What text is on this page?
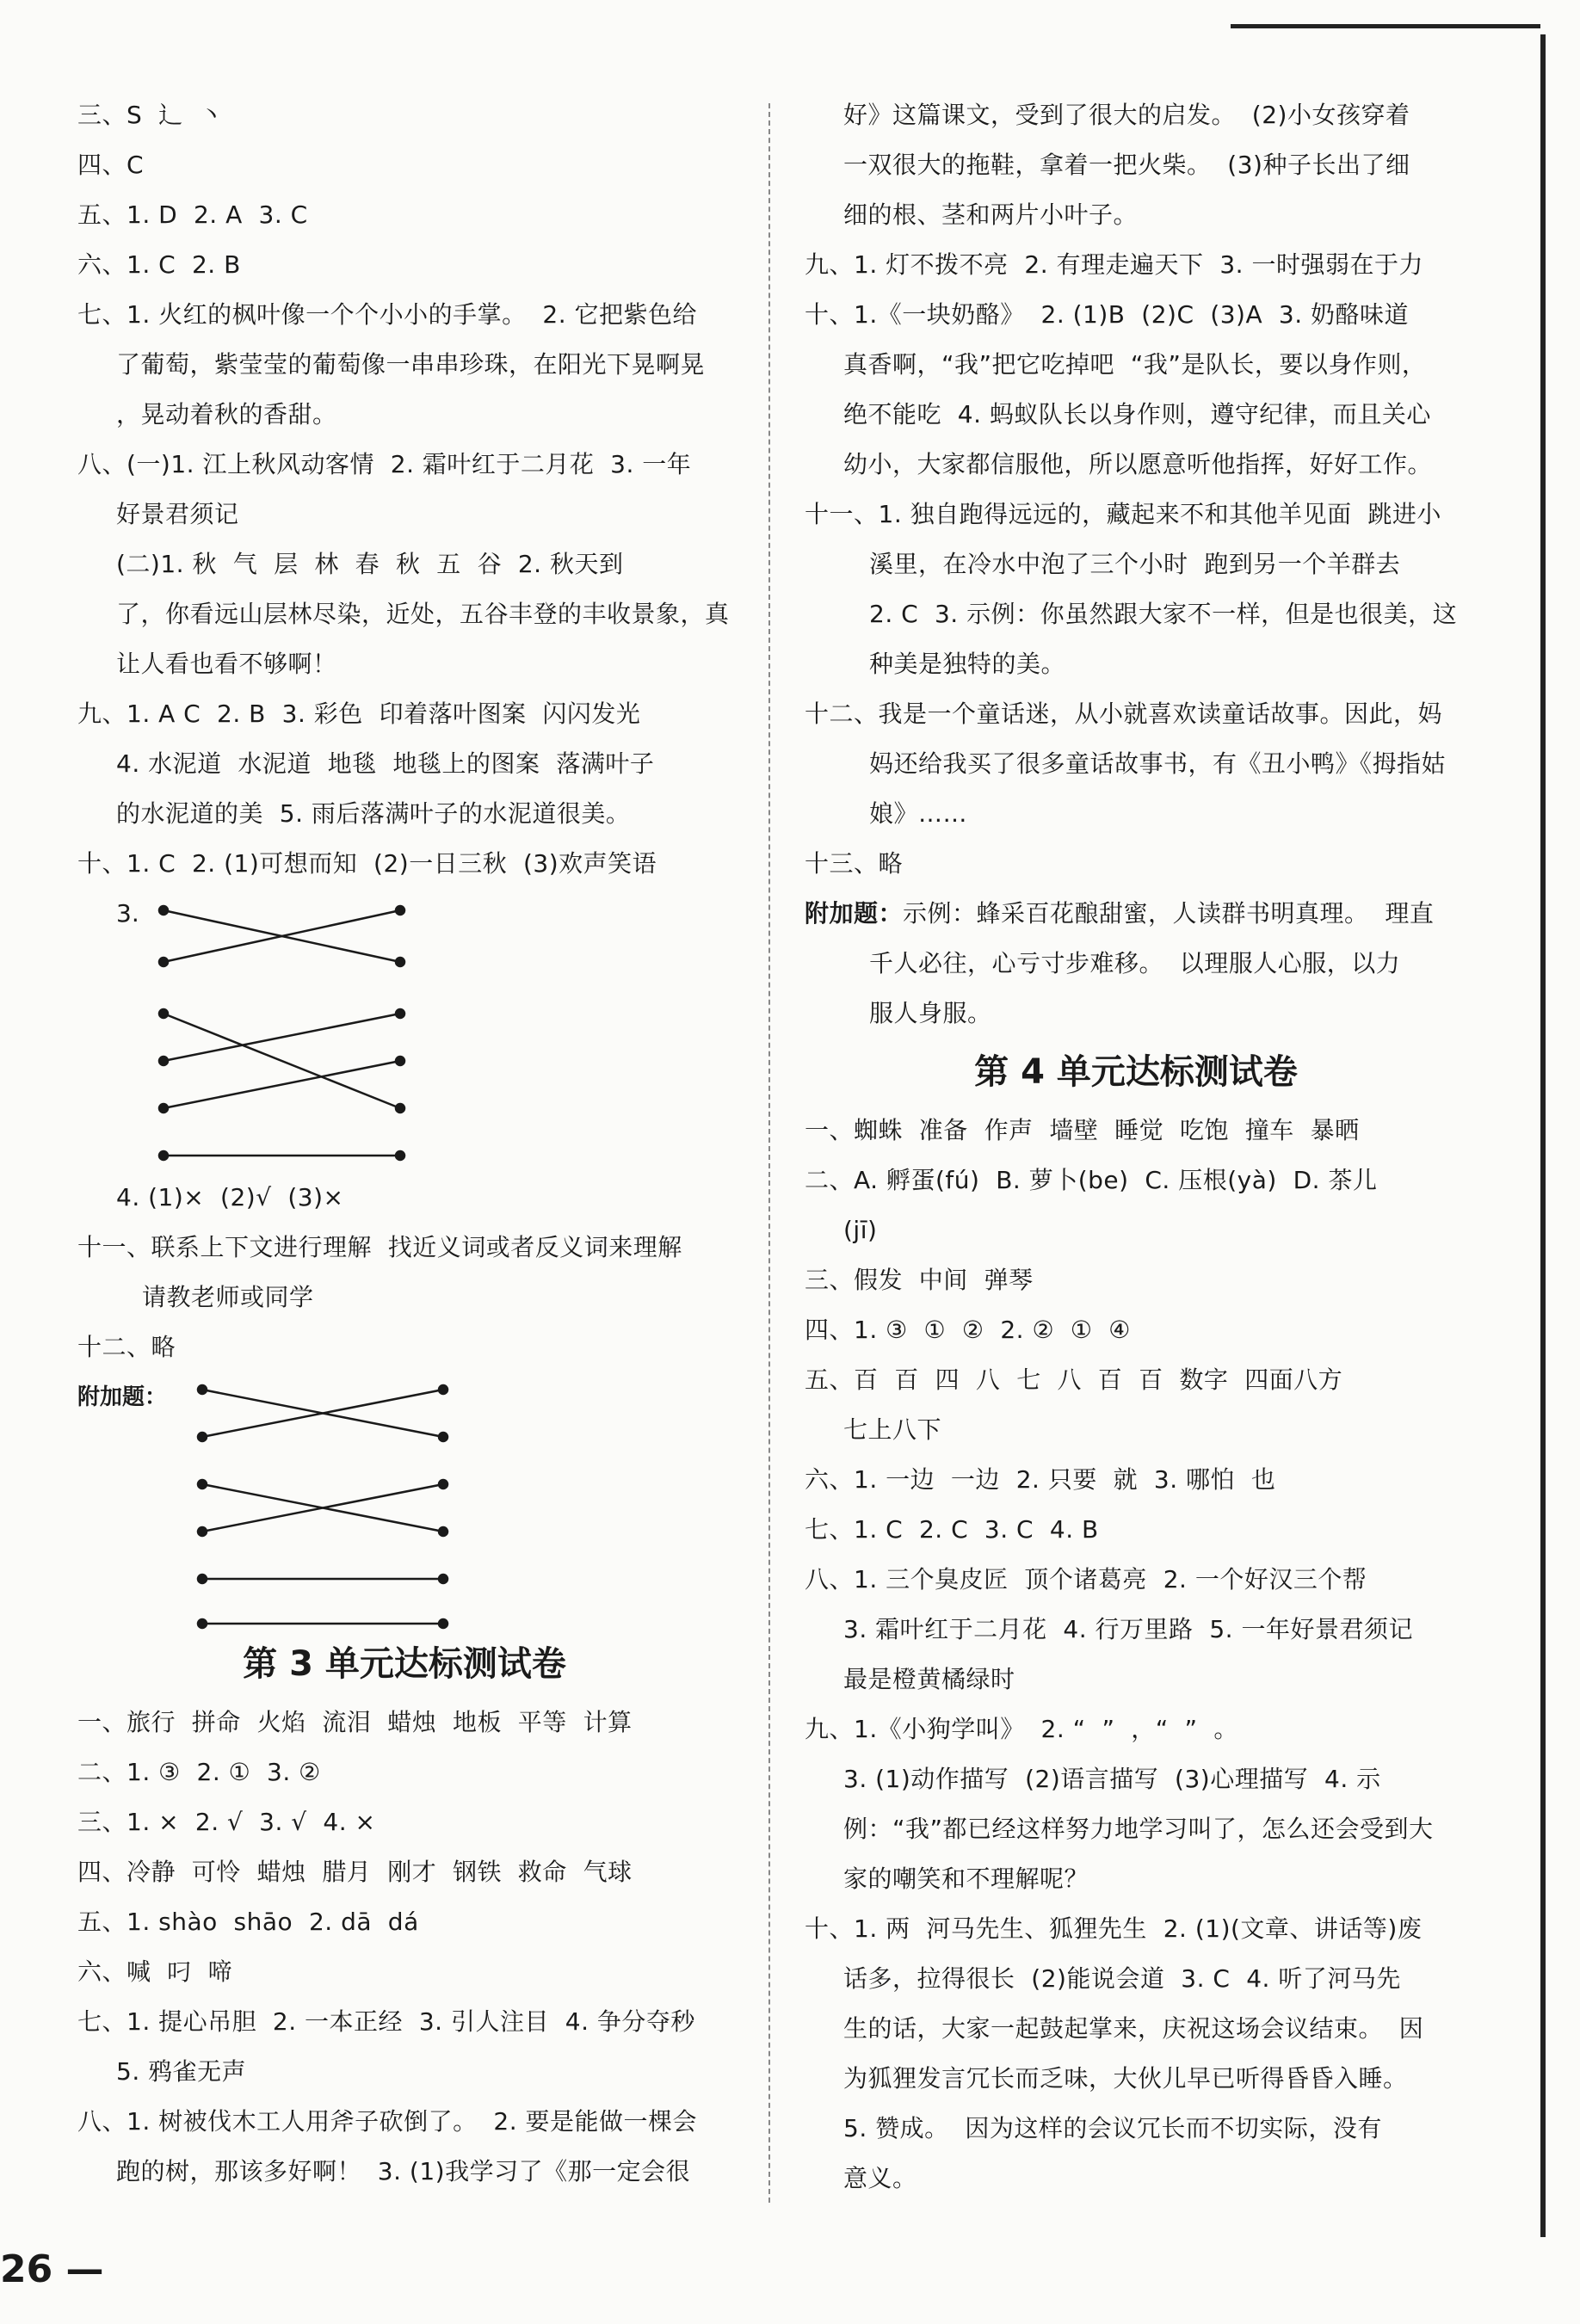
三、S  辶  丶
四、C
五、1. D  2. A  3. C
六、1. C  2. B
七、1. 火红的枫叶像一个个小小的手掌。  2. 它把紫色给
了葡萄，紫莹莹的葡萄像一串串珍珠，在阳光下晃啊晃
，晃动着秋的香甜。
八、(一)1. 江上秋风动客情  2. 霜叶红于二月花  3. 一年
好景君须记
(二)1. 秋  气  层  林  春  秋  五  谷  2. 秋天到
了，你看远山层林尽染，近处，五谷丰登的丰收景象，真
让人看也看不够啊！
九、1. A C  2. B  3. 彩色  印着落叶图案  闪闪发光
4. 水泥道  水泥道  地毯  地毯上的图案  落满叶子
的水泥道的美  5. 雨后落满叶子的水泥道很美。
十、1. C  2. (1)可想而知  (2)一日三秋  (3)欢声笑语
3.
4. (1)×  (2)√  (3)×
十一、联系上下文进行理解  找近义词或者反义词来理解
请教老师或同学
十二、略
附加题：
第 3 单元达标测试卷
一、旅行  拼命  火焰  流泪  蜡烛  地板  平等  计算
二、1. ③  2. ①  3. ②
三、1. ×  2. √  3. √  4. ×
四、冷静  可怜  蜡烛  腊月  刚才  钢铁  救命  气球
五、1. shào  shāo  2. dā  dá
六、喊  叼  啼
七、1. 提心吊胆  2. 一本正经  3. 引人注目  4. 争分夺秒
5. 鸦雀无声
八、1. 树被伐木工人用斧子砍倒了。  2. 要是能做一棵会
跑的树，那该多好啊！  3. (1)我学习了《那一定会很
好》这篇课文，受到了很大的启发。  (2)小女孩穿着
一双很大的拖鞋，拿着一把火柴。  (3)种子长出了细
细的根、茎和两片小叶子。
九、1. 灯不拨不亮  2. 有理走遍天下  3. 一时强弱在于力
十、1.《一块奶酪》  2. (1)B  (2)C  (3)A  3. 奶酪味道
真香啊，“我”把它吃掉吧  “我”是队长，要以身作则，
绝不能吃  4. 蚂蚁队长以身作则，遵守纪律，而且关心
幼小，大家都信服他，所以愿意听他指挥，好好工作。
十一、1. 独自跑得远远的，藏起来不和其他羊见面  跳进小
溪里，在冷水中泡了三个小时  跑到另一个羊群去
2. C  3. 示例：你虽然跟大家不一样，但是也很美，这
种美是独特的美。
十二、我是一个童话迷，从小就喜欢读童话故事。因此，妈
妈还给我买了很多童话故事书，有《丑小鸭》《拇指姑
娘》……
十三、略
附加题：示例：蜂采百花酿甜蜜，人读群书明真理。  理直
千人必往，心亏寸步难移。  以理服人心服，以力
服人身服。
第 4 单元达标测试卷
一、蜘蛛  准备  作声  墙壁  睡觉  吃饱  撞车  暴晒
二、A. 孵蛋(fú)  B. 萝卜(be)  C. 压根(yà)  D. 茶儿
(jī)
三、假发  中间  弹琴
四、1. ③  ①  ②  2. ②  ①  ④
五、百  百  四  八  七  八  百  百  数字  四面八方
七上八下
六、1. 一边  一边  2. 只要  就  3. 哪怕  也
七、1. C  2. C  3. C  4. B
八、1. 三个臭皮匠  顶个诸葛亮  2. 一个好汉三个帮
3. 霜叶红于二月花  4. 行万里路  5. 一年好景君须记
最是橙黄橘绿时
九、1.《小狗学叫》  2. “  ”  ，“  ”  。
3. (1)动作描写  (2)语言描写  (3)心理描写  4. 示
例：“我”都已经这样努力地学习叫了，怎么还会受到大
家的嘲笑和不理解呢？
十、1. 两  河马先生、狐狸先生  2. (1)(文章、讲话等)废
话多，拉得很长  (2)能说会道  3. C  4. 听了河马先
生的话，大家一起鼓起掌来，庆祝这场会议结束。  因
为狐狸发言冗长而乏味，大伙儿早已听得昏昏入睡。
5. 赞成。  因为这样的会议冗长而不切实际，没有
意义。
26 —
